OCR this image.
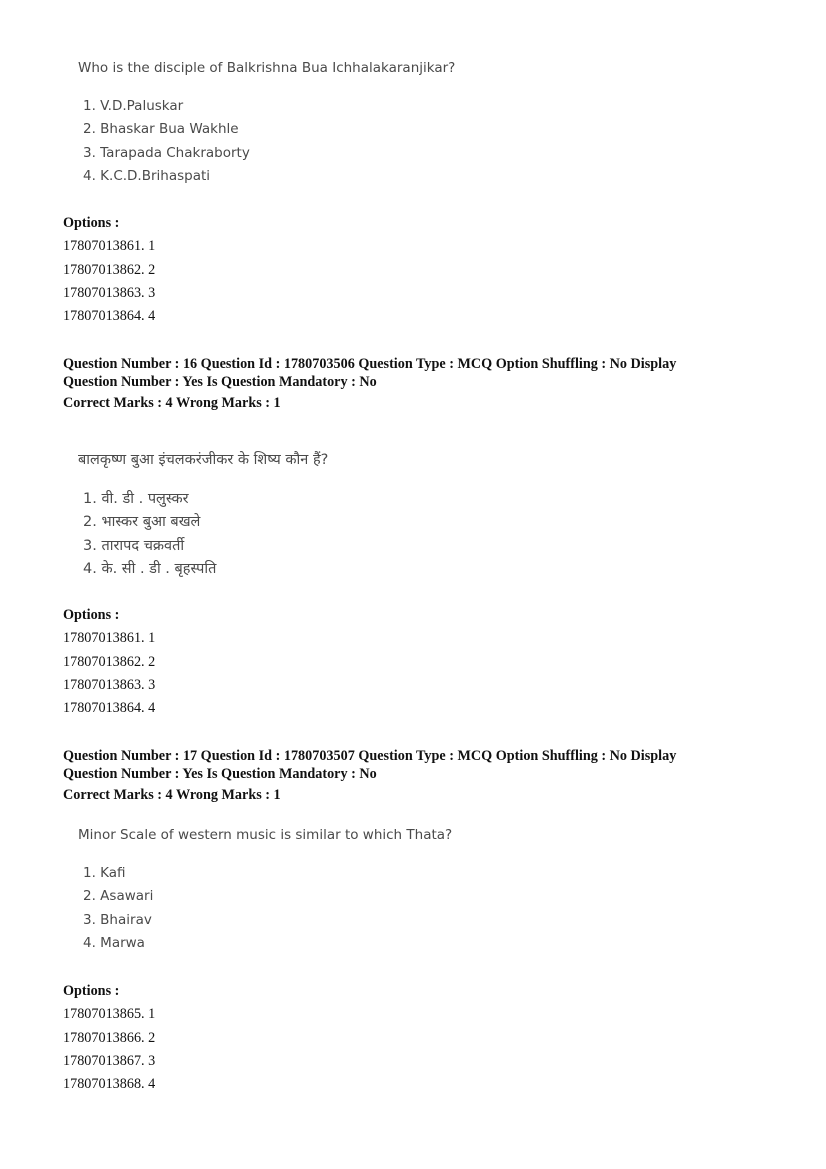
Who is the disciple of Balkrishna Bua Ichhalakaranjikar?
1. V.D.Paluskar
2. Bhaskar Bua Wakhle
3. Tarapada Chakraborty
4. K.C.D.Brihaspati
Options :
17807013861. 1
17807013862. 2
17807013863. 3
17807013864. 4
Question Number : 16 Question Id : 1780703506 Question Type : MCQ Option Shuffling : No Display
Question Number : Yes Is Question Mandatory : No
Correct Marks : 4 Wrong Marks : 1
बालकृष्ण बुआ इंचलकरंजीकर के शिष्य कौन हैं?
1. वी. डी . पलुस्कर
2. भास्कर बुआ बखले
3. तारापद चक्रवर्ती
4. के. सी . डी . बृहस्पति
Options :
17807013861. 1
17807013862. 2
17807013863. 3
17807013864. 4
Question Number : 17 Question Id : 1780703507 Question Type : MCQ Option Shuffling : No Display
Question Number : Yes Is Question Mandatory : No
Correct Marks : 4 Wrong Marks : 1
Minor Scale of western music is similar to which Thata?
1. Kafi
2. Asawari
3. Bhairav
4. Marwa
Options :
17807013865. 1
17807013866. 2
17807013867. 3
17807013868. 4
